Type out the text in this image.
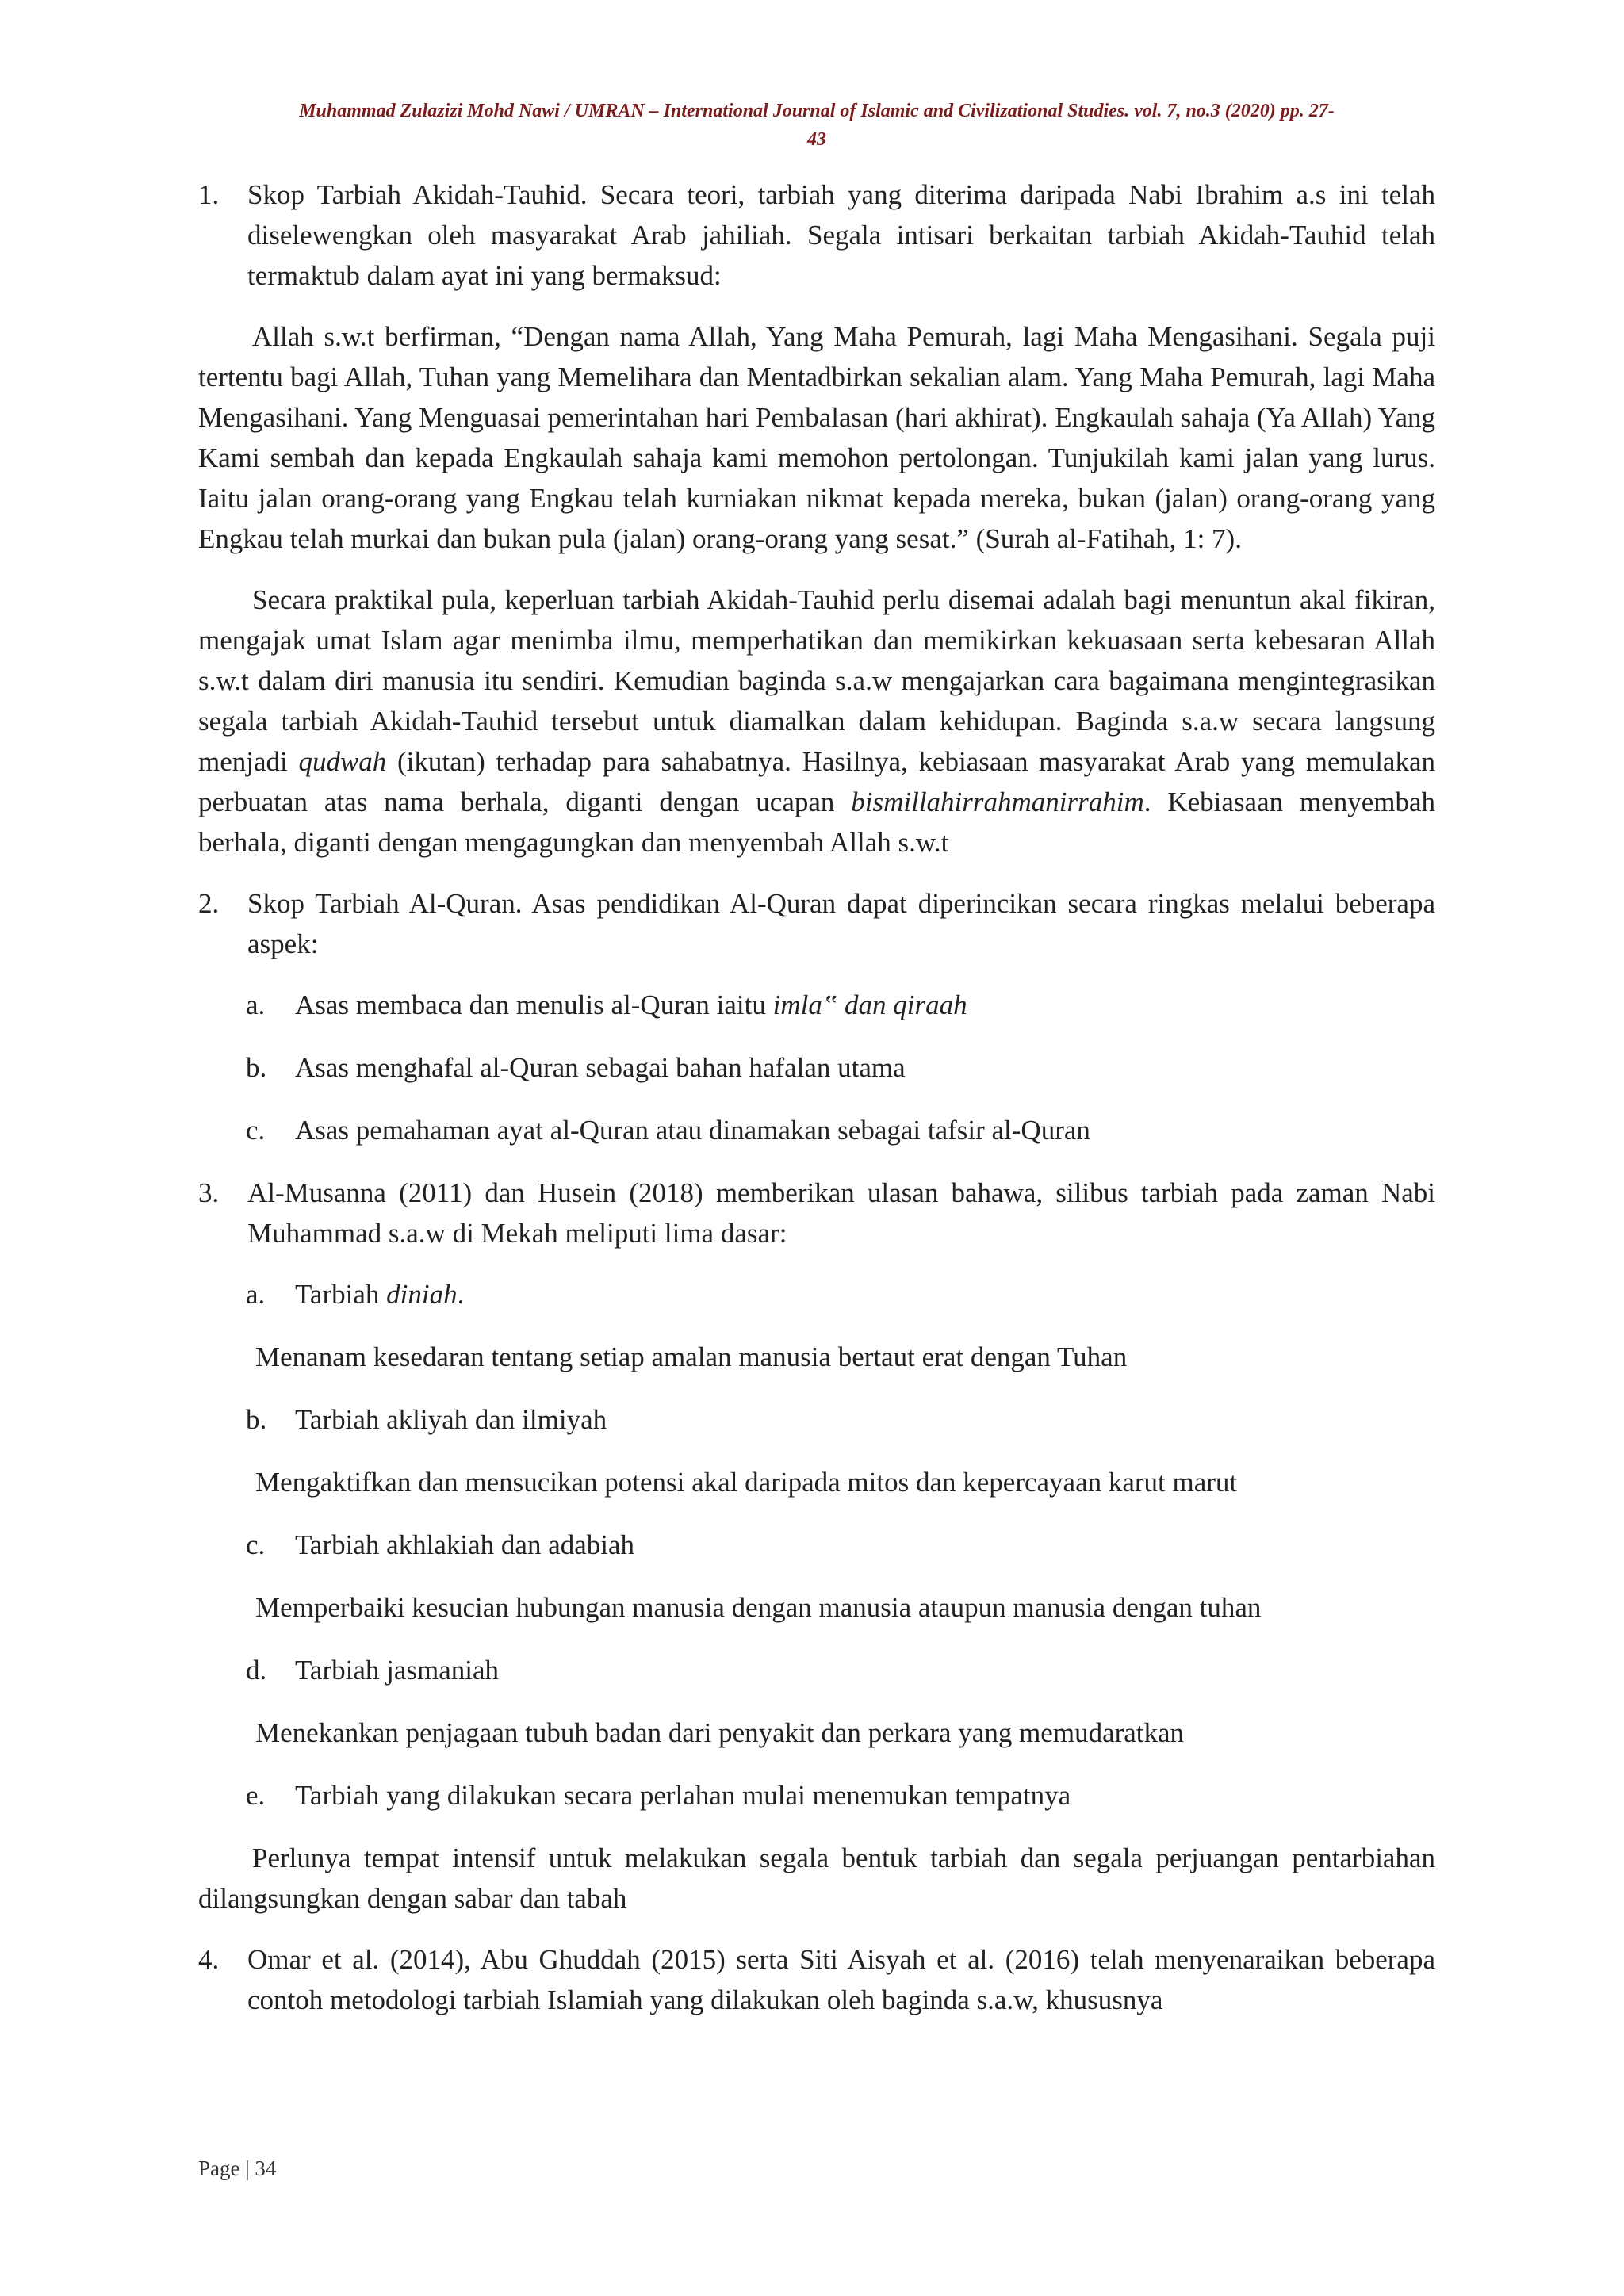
Muhammad Zulazizi Mohd Nawi / UMRAN – International Journal of Islamic and Civilizational Studies. vol. 7, no.3 (2020) pp. 27-
43
1.	Skop Tarbiah Akidah-Tauhid. Secara teori, tarbiah yang diterima daripada Nabi Ibrahim a.s ini telah diselewengkan oleh masyarakat Arab jahiliah. Segala intisari berkaitan tarbiah Akidah-Tauhid telah termaktub dalam ayat ini yang bermaksud:

Allah s.w.t berfirman, “Dengan nama Allah, Yang Maha Pemurah, lagi Maha Mengasihani. Segala puji tertentu bagi Allah, Tuhan yang Memelihara dan Mentadbirkan sekalian alam. Yang Maha Pemurah, lagi Maha Mengasihani. Yang Menguasai pemerintahan hari Pembalasan (hari akhirat). Engkaulah sahaja (Ya Allah) Yang Kami sembah dan kepada Engkaulah sahaja kami memohon pertolongan. Tunjukilah kami jalan yang lurus. Iaitu jalan orang-orang yang Engkau telah kurniakan nikmat kepada mereka, bukan (jalan) orang-orang yang Engkau telah murkai dan bukan pula (jalan) orang-orang yang sesat.” (Surah al-Fatihah, 1: 7).

Secara praktikal pula, keperluan tarbiah Akidah-Tauhid perlu disemai adalah bagi menuntun akal fikiran, mengajak umat Islam agar menimba ilmu, memperhatikan dan memikirkan kekuasaan serta kebesaran Allah s.w.t dalam diri manusia itu sendiri. Kemudian baginda s.a.w mengajarkan cara bagaimana mengintegrasikan segala tarbiah Akidah-Tauhid tersebut untuk diamalkan dalam kehidupan. Baginda s.a.w secara langsung menjadi qudwah (ikutan) terhadap para sahabatnya. Hasilnya, kebiasaan masyarakat Arab yang memulakan perbuatan atas nama berhala, diganti dengan ucapan bismillahirrahmanirrahim. Kebiasaan menyembah berhala, diganti dengan mengagungkan dan menyembah Allah s.w.t

2.	Skop Tarbiah Al-Quran. Asas pendidikan Al-Quran dapat diperincikan secara ringkas melalui beberapa aspek:
a.	Asas membaca dan menulis al-Quran iaitu imla‟ dan qiraah
b.	Asas menghafal al-Quran sebagai bahan hafalan utama
c.	Asas pemahaman ayat al-Quran atau dinamakan sebagai tafsir al-Quran
3.	Al-Musanna (2011) dan Husein (2018) memberikan ulasan bahawa, silibus tarbiah pada zaman Nabi Muhammad s.a.w di Mekah meliputi lima dasar:
a.	Tarbiah diniah.
Menanam kesedaran tentang setiap amalan manusia bertaut erat dengan Tuhan
b.	Tarbiah akliyah dan ilmiyah
Mengaktifkan dan mensucikan potensi akal daripada mitos dan kepercayaan karut marut
c.	Tarbiah akhlakiah dan adabiah
Memperbaiki kesucian hubungan manusia dengan manusia ataupun manusia dengan tuhan
d.	Tarbiah jasmaniah
Menekankan penjagaan tubuh badan dari penyakit dan perkara yang memudaratkan
e.	Tarbiah yang dilakukan secara perlahan mulai menemukan tempatnya

Perlunya tempat intensif untuk melakukan segala bentuk tarbiah dan segala perjuangan pentarbiahan dilangsungkan dengan sabar dan tabah

4.	Omar et al. (2014), Abu Ghuddah (2015) serta Siti Aisyah et al. (2016) telah menyenaraikan beberapa contoh metodologi tarbiah Islamiah yang dilakukan oleh baginda s.a.w, khususnya
Page | 34
